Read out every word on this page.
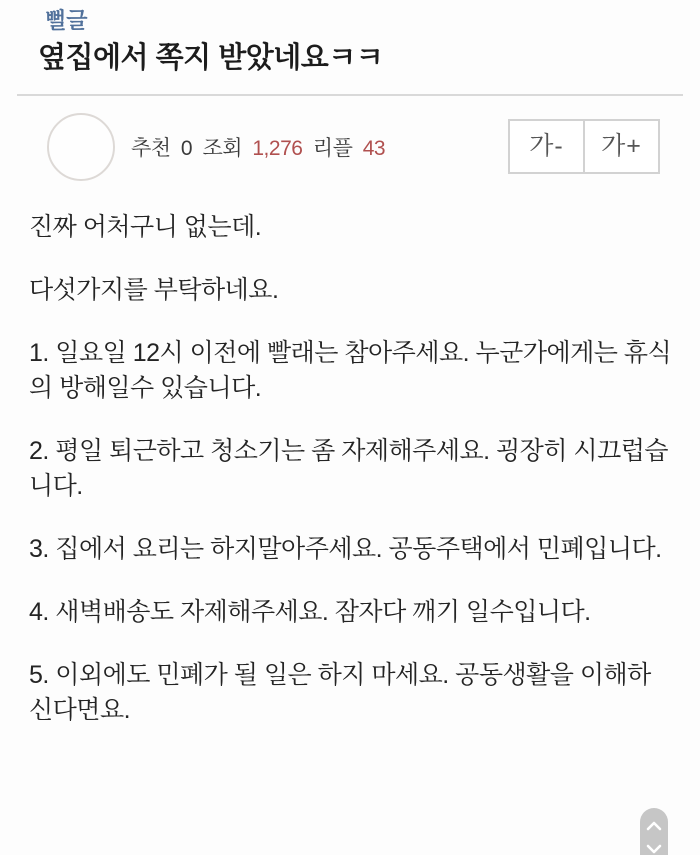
뻘글
옆집에서 쪽지 받았네요ㅋㅋ
추천 0 조회 1,276 리플 43	가-	가+

진짜 어처구니 없는데.

다섯가지를 부탁하네요.

1. 일요일 12시 이전에 빨래는 참아주세요. 누군가에게는 휴식의 방해일수 있습니다.

2. 평일 퇴근하고 청소기는 좀 자제해주세요. 굉장히 시끄럽습니다.

3. 집에서 요리는 하지말아주세요. 공동주택에서 민폐입니다.

4. 새벽배송도 자제해주세요. 잠자다 깨기 일수입니다.

5. 이외에도 민폐가 될 일은 하지 마세요. 공동생활을 이해하신다면요.
